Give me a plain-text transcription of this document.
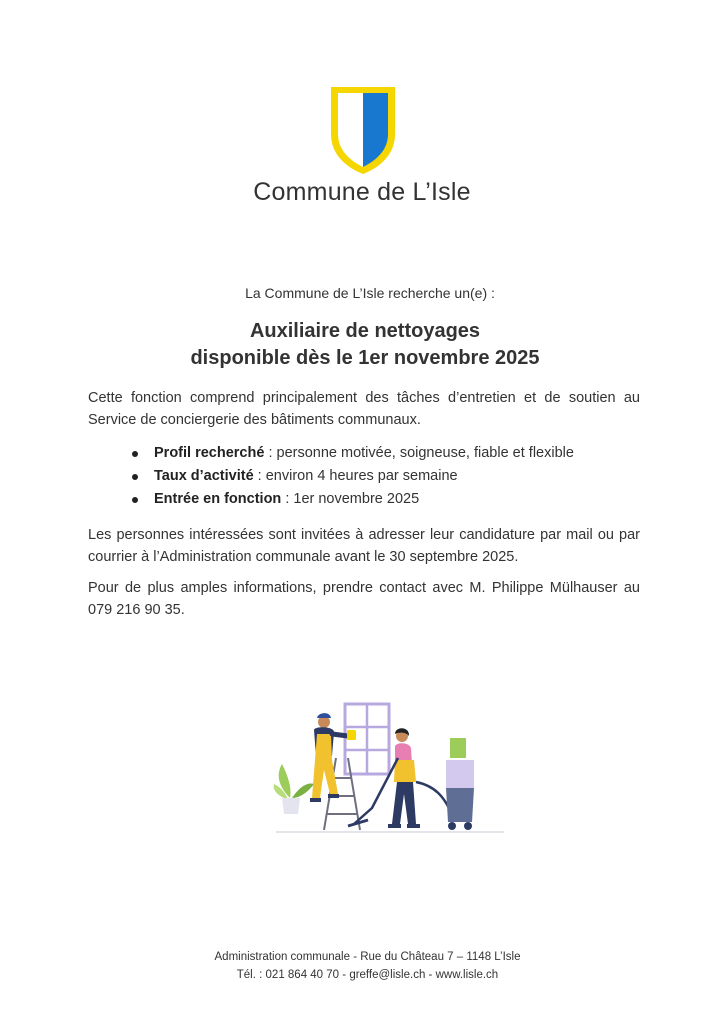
Commune de L’Isle
La Commune de L’Isle recherche un(e) :
Auxiliaire de nettoyages
disponible dès le 1er novembre 2025
Cette fonction comprend principalement des tâches d’entretien et de soutien au Service de conciergerie des bâtiments communaux.
Profil recherché : personne motivée, soigneuse, fiable et flexible
Taux d’activité : environ 4 heures par semaine
Entrée en fonction : 1er novembre 2025
Les personnes intéressées sont invitées à adresser leur candidature par mail ou par courrier à l’Administration communale avant le 30 septembre 2025.
Pour de plus amples informations, prendre contact avec M. Philippe Mülhauser au 079 216 90 35.
Administration communale - Rue du Château 7 – 1148 L’Isle
Tél. : 021 864 40 70 - greffe@lisle.ch - www.lisle.ch
